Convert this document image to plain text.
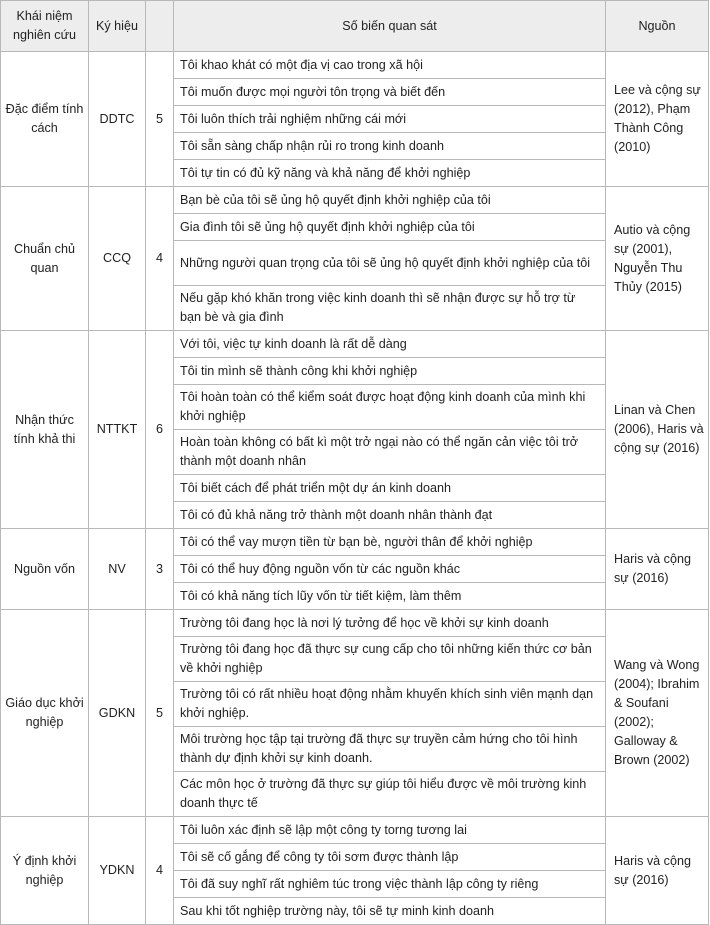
Khái niệm nghiên cứu	Ký hiệu		Số biến quan sát	Nguồn
Đặc điểm tính cách	DDTC	5	Tôi khao khát có một địa vị cao trong xã hội	Lee và cộng sự (2012), Phạm Thành Công (2010)
			Tôi muốn được mọi người tôn trọng và biết đến	
			Tôi luôn thích trải nghiệm những cái mới	
			Tôi sẵn sàng chấp nhận rủi ro trong kinh doanh	
			Tôi tự tin có đủ kỹ năng và khả năng để khởi nghiệp	
Chuẩn chủ quan	CCQ	4	Bạn bè của tôi sẽ ủng hộ quyết định khởi nghiệp của tôi	Autio và cộng sự (2001), Nguyễn Thu Thủy (2015)
			Gia đình tôi sẽ ủng hộ quyết định khởi nghiệp của tôi	
			Những người quan trọng của tôi sẽ ủng hộ quyết định khởi nghiệp của tôi	
			Nếu gặp khó khăn trong việc kinh doanh thì sẽ nhận được sự hỗ trợ từ bạn bè và gia đình	
Nhận thức tính khả thi	NTTKT	6	Với tôi, việc tự kinh doanh là rất dễ dàng	Linan và Chen (2006), Haris và cộng sự (2016)
			Tôi tin mình sẽ thành công khi khởi nghiệp	
			Tôi hoàn toàn có thể kiểm soát được hoạt động kinh doanh của mình khi khởi nghiệp	
			Hoàn toàn không có bất kì một trở ngại nào có thể ngăn cản việc tôi trở thành một doanh nhân	
			Tôi biết cách để phát triển một dự án kinh doanh	
			Tôi có đủ khả năng trở thành một doanh nhân thành đạt	
Nguồn vốn	NV	3	Tôi có thể vay mượn tiền từ bạn bè, người thân để khởi nghiệp	Haris và cộng sự (2016)
			Tôi có thể huy động nguồn vốn từ các nguồn khác	
			Tôi có khả năng tích lũy vốn từ tiết kiệm, làm thêm	
Giáo dục khởi nghiệp	GDKN	5	Trường tôi đang học là nơi lý tưởng để học về khởi sự kinh doanh	Wang và Wong (2004); Ibrahim & Soufani (2002); Galloway & Brown (2002)
			Trường tôi đang học đã thực sự cung cấp cho tôi những kiến thức cơ bản về khởi nghiệp	
			Trường tôi có rất nhiều hoạt động nhằm khuyến khích sinh viên mạnh dạn khởi nghiệp.	
			Môi trường học tập tại trường đã thực sự truyền cảm hứng cho tôi hình thành dự định khởi sự kinh doanh.	
			Các môn học ở trường đã thực sự giúp tôi hiểu được về môi trường kinh doanh thực tế	
Ý định khởi nghiệp	YDKN	4	Tôi luôn xác định sẽ lập một công ty torng tương lai	Haris và cộng sự (2016)
			Tôi sẽ cố gắng để công ty tôi sơm được thành lập	
			Tôi đã suy nghĩ rất nghiêm túc trong việc thành lập công ty riêng	
			Sau khi tốt nghiệp trường này, tôi sẽ tự minh kinh doanh	
